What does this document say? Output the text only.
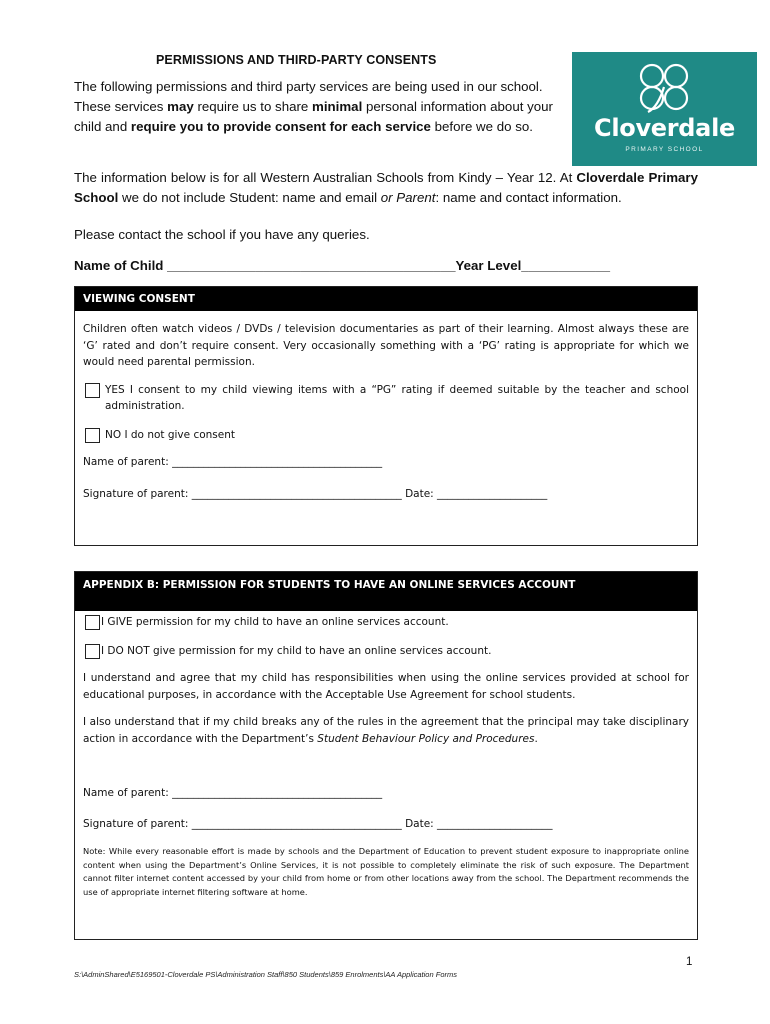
PERMISSIONS AND THIRD-PARTY CONSENTS
The following permissions and third party services are being used in our school. These services may require us to share minimal personal information about your child and require you to provide consent for each service before we do so.	Cloverdale
PRIMARY SCHOOL

The information below is for all Western Australian Schools from Kindy – Year 12. At Cloverdale Primary School we do not include Student: name and email or Parent: name and contact information.

Please contact the school if you have any queries.
Name of Child _______________________________________Year Level____________
VIEWING CONSENT

Children often watch videos / DVDs / television documentaries as part of their learning. Almost always these are ‘G’ rated and don’t require consent. Very occasionally something with a ‘PG’ rating is appropriate for which we would need parental permission.

YES I consent to my child viewing items with a “PG” rating if deemed suitable by the teacher and school administration.

NO I do not give consent

Name of parent: ________________________________________

Signature of parent: ________________________________________ Date: _____________________

APPENDIX B: PERMISSION FOR STUDENTS TO HAVE AN ONLINE SERVICES ACCOUNT

I GIVE permission for my child to have an online services account.

I DO NOT give permission for my child to have an online services account.

I understand and agree that my child has responsibilities when using the online services provided at school for educational purposes, in accordance with the Acceptable Use Agreement for school students.

I also understand that if my child breaks any of the rules in the agreement that the principal may take disciplinary action in accordance with the Department’s Student Behaviour Policy and Procedures.

Name of parent: ________________________________________

Signature of parent: ________________________________________ Date: ______________________

Note: While every reasonable effort is made by schools and the Department of Education to prevent student exposure to inappropriate online content when using the Department’s Online Services, it is not possible to completely eliminate the risk of such exposure. The Department cannot filter internet content accessed by your child from home or from other locations away from the school. The Department recommends the use of appropriate internet filtering software at home.

1
S:\AdminShared\E5169501-Cloverdale PS\Administration Staff\850 Students\859 Enrolments\AA Application Forms
